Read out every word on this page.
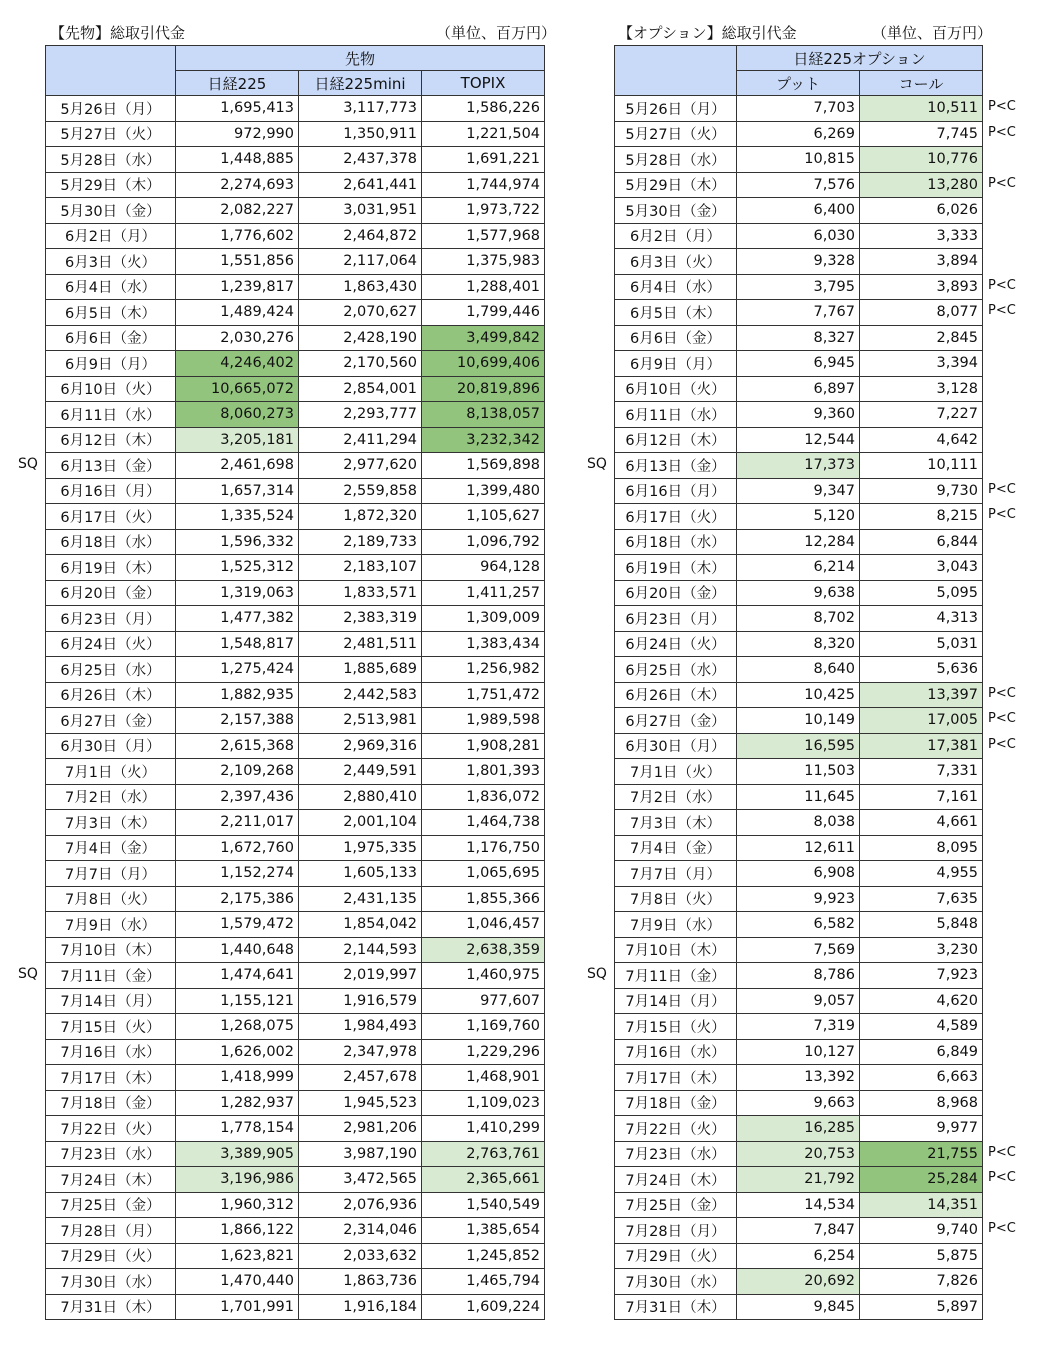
【先物】総取引代金	（単位、百万円）	【オプション】総取引代金	（単位、百万円）
	先物		
	日経225	日経225mini	TOPIX
5月26日（月）	1,695,413	3,117,773	1,586,226
5月27日（火）	972,990	1,350,911	1,221,504
5月28日（水）	1,448,885	2,437,378	1,691,221
5月29日（木）	2,274,693	2,641,441	1,744,974
5月30日（金）	2,082,227	3,031,951	1,973,722
6月2日（月）	1,776,602	2,464,872	1,577,968
6月3日（火）	1,551,856	2,117,064	1,375,983
6月4日（水）	1,239,817	1,863,430	1,288,401
6月5日（木）	1,489,424	2,070,627	1,799,446
6月6日（金）	2,030,276	2,428,190	3,499,842
6月9日（月）	4,246,402	2,170,560	10,699,406
6月10日（火）	10,665,072	2,854,001	20,819,896
6月11日（水）	8,060,273	2,293,777	8,138,057
6月12日（木）	3,205,181	2,411,294	3,232,342
6月13日（金）	2,461,698	2,977,620	1,569,898
6月16日（月）	1,657,314	2,559,858	1,399,480
6月17日（火）	1,335,524	1,872,320	1,105,627
6月18日（水）	1,596,332	2,189,733	1,096,792
6月19日（木）	1,525,312	2,183,107	964,128
6月20日（金）	1,319,063	1,833,571	1,411,257
6月23日（月）	1,477,382	2,383,319	1,309,009
6月24日（火）	1,548,817	2,481,511	1,383,434
6月25日（水）	1,275,424	1,885,689	1,256,982
6月26日（木）	1,882,935	2,442,583	1,751,472
6月27日（金）	2,157,388	2,513,981	1,989,598
6月30日（月）	2,615,368	2,969,316	1,908,281
7月1日（火）	2,109,268	2,449,591	1,801,393
7月2日（水）	2,397,436	2,880,410	1,836,072
7月3日（木）	2,211,017	2,001,104	1,464,738
7月4日（金）	1,672,760	1,975,335	1,176,750
7月7日（月）	1,152,274	1,605,133	1,065,695
7月8日（火）	2,175,386	2,431,135	1,855,366
7月9日（水）	1,579,472	1,854,042	1,046,457
7月10日（木）	1,440,648	2,144,593	2,638,359
7月11日（金）	1,474,641	2,019,997	1,460,975
7月14日（月）	1,155,121	1,916,579	977,607
7月15日（火）	1,268,075	1,984,493	1,169,760
7月16日（水）	1,626,002	2,347,978	1,229,296
7月17日（木）	1,418,999	2,457,678	1,468,901
7月18日（金）	1,282,937	1,945,523	1,109,023
7月22日（火）	1,778,154	2,981,206	1,410,299
7月23日（水）	3,389,905	3,987,190	2,763,761
7月24日（木）	3,196,986	3,472,565	2,365,661
7月25日（金）	1,960,312	2,076,936	1,540,549
7月28日（月）	1,866,122	2,314,046	1,385,654
7月29日（火）	1,623,821	2,033,632	1,245,852
7月30日（水）	1,470,440	1,863,736	1,465,794
7月31日（木）	1,701,991	1,916,184	1,609,224
	日経225オプション	
	プット	コール
5月26日（月）	7,703	10,511
5月27日（火）	6,269	7,745
5月28日（水）	10,815	10,776
5月29日（木）	7,576	13,280
5月30日（金）	6,400	6,026
6月2日（月）	6,030	3,333
6月3日（火）	9,328	3,894
6月4日（水）	3,795	3,893
6月5日（木）	7,767	8,077
6月6日（金）	8,327	2,845
6月9日（月）	6,945	3,394
6月10日（火）	6,897	3,128
6月11日（水）	9,360	7,227
6月12日（木）	12,544	4,642
6月13日（金）	17,373	10,111
6月16日（月）	9,347	9,730
6月17日（火）	5,120	8,215
6月18日（水）	12,284	6,844
6月19日（木）	6,214	3,043
6月20日（金）	9,638	5,095
6月23日（月）	8,702	4,313
6月24日（火）	8,320	5,031
6月25日（水）	8,640	5,636
6月26日（木）	10,425	13,397
6月27日（金）	10,149	17,005
6月30日（月）	16,595	17,381
7月1日（火）	11,503	7,331
7月2日（水）	11,645	7,161
7月3日（木）	8,038	4,661
7月4日（金）	12,611	8,095
7月7日（月）	6,908	4,955
7月8日（火）	9,923	7,635
7月9日（水）	6,582	5,848
7月10日（木）	7,569	3,230
7月11日（金）	8,786	7,923
7月14日（月）	9,057	4,620
7月15日（火）	7,319	4,589
7月16日（水）	10,127	6,849
7月17日（木）	13,392	6,663
7月18日（金）	9,663	8,968
7月22日（火）	16,285	9,977
7月23日（水）	20,753	21,755
7月24日（木）	21,792	25,284
7月25日（金）	14,534	14,351
7月28日（月）	7,847	9,740
7月29日（火）	6,254	5,875
7月30日（水）	20,692	7,826
7月31日（木）	9,845	5,897
SQ
SQ
P<C
P<C
P<C
P<C
P<C
SQ
P<C
P<C
P<C
P<C
P<C
SQ
P<C
P<C
P<C
